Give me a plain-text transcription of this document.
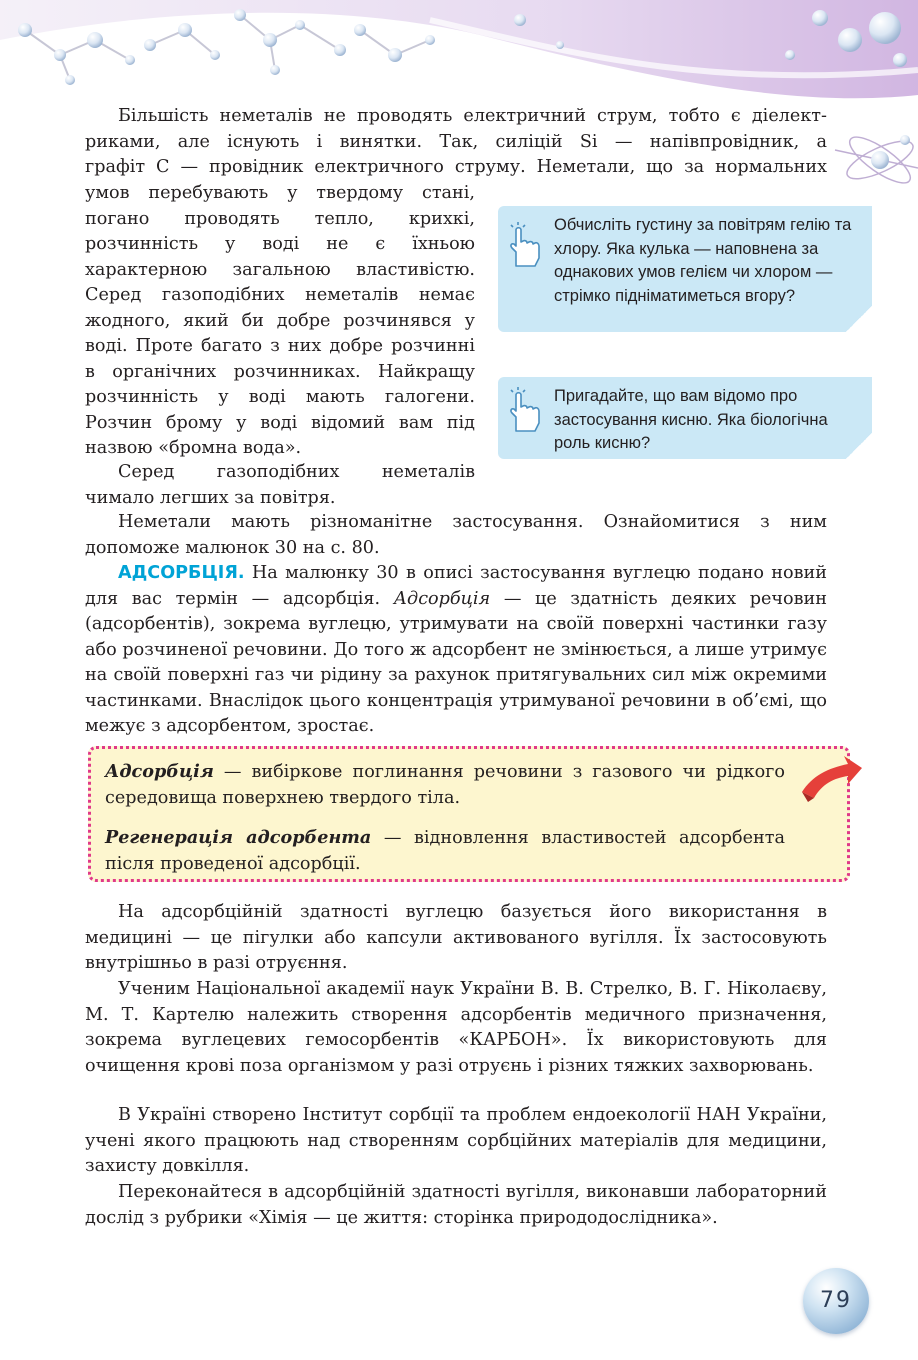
Більшість неметалів не проводять електричний струм, тобто є діелект-
риками, але існують і винятки. Так, силіцій Si — напівпровідник, а
графіт C — провідник електричного струму. Неметали, що за нормальних

умов перебувають у твердому стані, погано проводять тепло, крихкі, розчинність у воді не є їхньою характерною загальною властивістю. Серед газоподібних неметалів немає жодного, який би добре розчинявся у воді. Проте багато з них добре розчинні в органічних розчинниках. Найкращу розчинність у воді мають галогени. Розчин брому у воді відомий вам під назвою «бромна вода».

Серед газоподібних неметалів чимало легших за повітря.

Обчисліть густину за повітрям гелію та хлору. Яка кулька — наповнена за однакових умов гелієм чи хлором — стрімко підніматиметься вгору?
Пригадайте, що вам відомо про застосування кисню. Яка біологічна роль кисню?

Неметали мають різноманітне застосування. Ознайомитися з ним допоможе малюнок 30 на с. 80.

АДСОРБЦІЯ. На малюнку 30 в описі застосування вуглецю подано новий для вас термін — адсорбція. Адсорбція — це здатність деяких речовин (адсорбентів), зокрема вуглецю, утримувати на своїй поверхні частинки газу або розчиненої речовини. До того ж адсорбент не змінюється, а лише утримує на своїй поверхні газ чи рідину за рахунок притягувальних сил між окремими частинками. Внаслідок цього концентрація утримуваної речовини в об’ємі, що межує з адсорбентом, зростає.

Адсорбція — вибіркове поглинання речовини з газового чи рідкого середовища поверхнею твердого тіла.

Регенерація адсорбента — відновлення властивостей адсорбента після проведеної адсорбції.

На адсорбційній здатності вуглецю базується його використання в медицині — це пігулки або капсули активованого вугілля. Їх застосовують внутрішньо в разі отруєння.

Ученим Національної академії наук України В. В. Стрелко, В. Г. Ніколаєву, М. Т. Картелю належить створення адсорбентів медичного призначення, зокрема вуглецевих гемосорбентів «КАРБОН». Їх використовують для очищення крові поза організмом у разі отруєнь і різних тяжких захворювань.

В Україні створено Інститут сорбції та проблем ендоекології НАН України, учені якого працюють над створенням сорбційних матеріалів для медицини, захисту довкілля.

Переконайтеся в адсорбційній здатності вугілля, виконавши лабораторний дослід з рубрики «Хімія — це життя: сторінка природодослідника».

79
